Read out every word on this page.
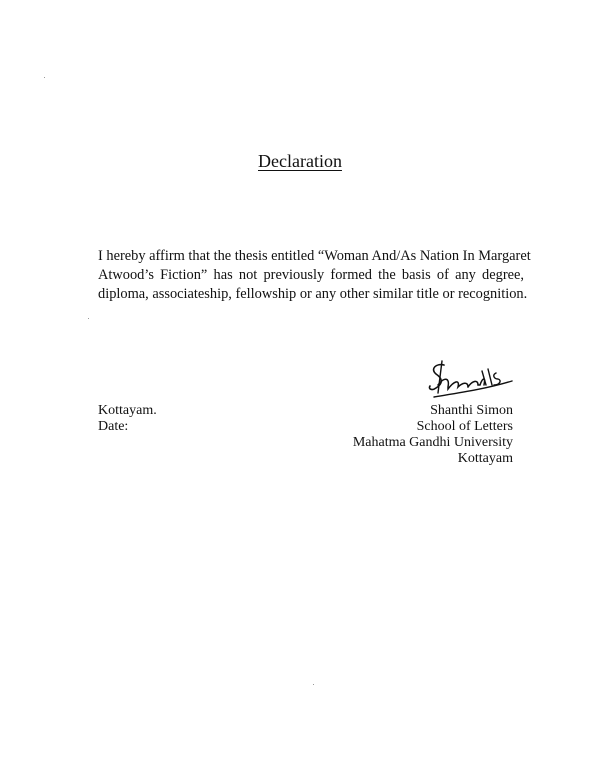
Declaration
I hereby affirm that the thesis entitled “Woman And/As Nation In Margaret
Atwood’s Fiction” has not previously formed the basis of any degree,
diploma, associateship, fellowship or any other similar title or recognition.
Kottayam.
Date:
Shanthi Simon
School of Letters
Mahatma Gandhi University
Kottayam
